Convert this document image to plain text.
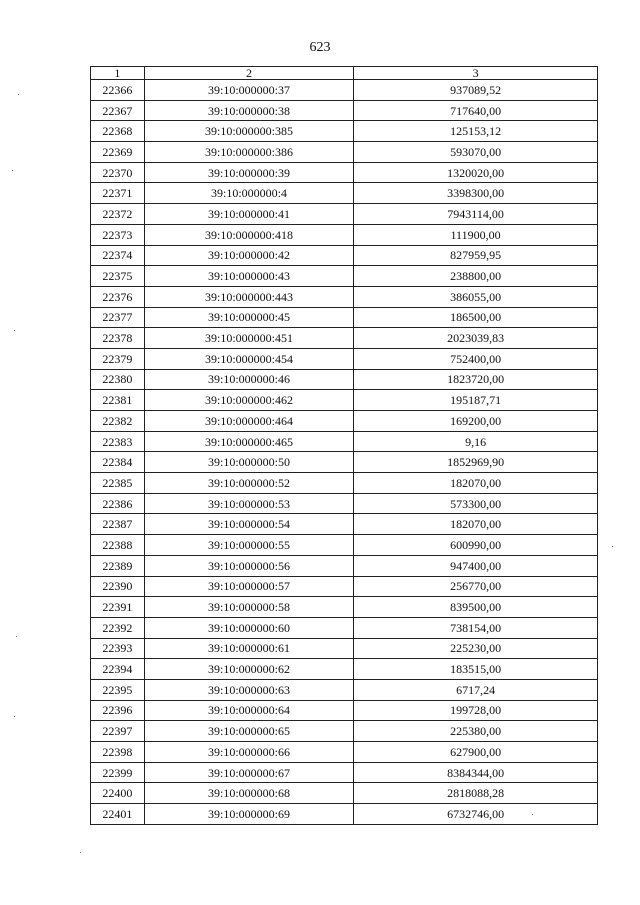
623
1	2	3
22366	39:10:000000:37	937089,52
22367	39:10:000000:38	717640,00
22368	39:10:000000:385	125153,12
22369	39:10:000000:386	593070,00
22370	39:10:000000:39	1320020,00
22371	39:10:000000:4	3398300,00
22372	39:10:000000:41	7943114,00
22373	39:10:000000:418	111900,00
22374	39:10:000000:42	827959,95
22375	39:10:000000:43	238800,00
22376	39:10:000000:443	386055,00
22377	39:10:000000:45	186500,00
22378	39:10:000000:451	2023039,83
22379	39:10:000000:454	752400,00
22380	39:10:000000:46	1823720,00
22381	39:10:000000:462	195187,71
22382	39:10:000000:464	169200,00
22383	39:10:000000:465	9,16
22384	39:10:000000:50	1852969,90
22385	39:10:000000:52	182070,00
22386	39:10:000000:53	573300,00
22387	39:10:000000:54	182070,00
22388	39:10:000000:55	600990,00
22389	39:10:000000:56	947400,00
22390	39:10:000000:57	256770,00
22391	39:10:000000:58	839500,00
22392	39:10:000000:60	738154,00
22393	39:10:000000:61	225230,00
22394	39:10:000000:62	183515,00
22395	39:10:000000:63	6717,24
22396	39:10:000000:64	199728,00
22397	39:10:000000:65	225380,00
22398	39:10:000000:66	627900,00
22399	39:10:000000:67	8384344,00
22400	39:10:000000:68	2818088,28
22401	39:10:000000:69	6732746,00
